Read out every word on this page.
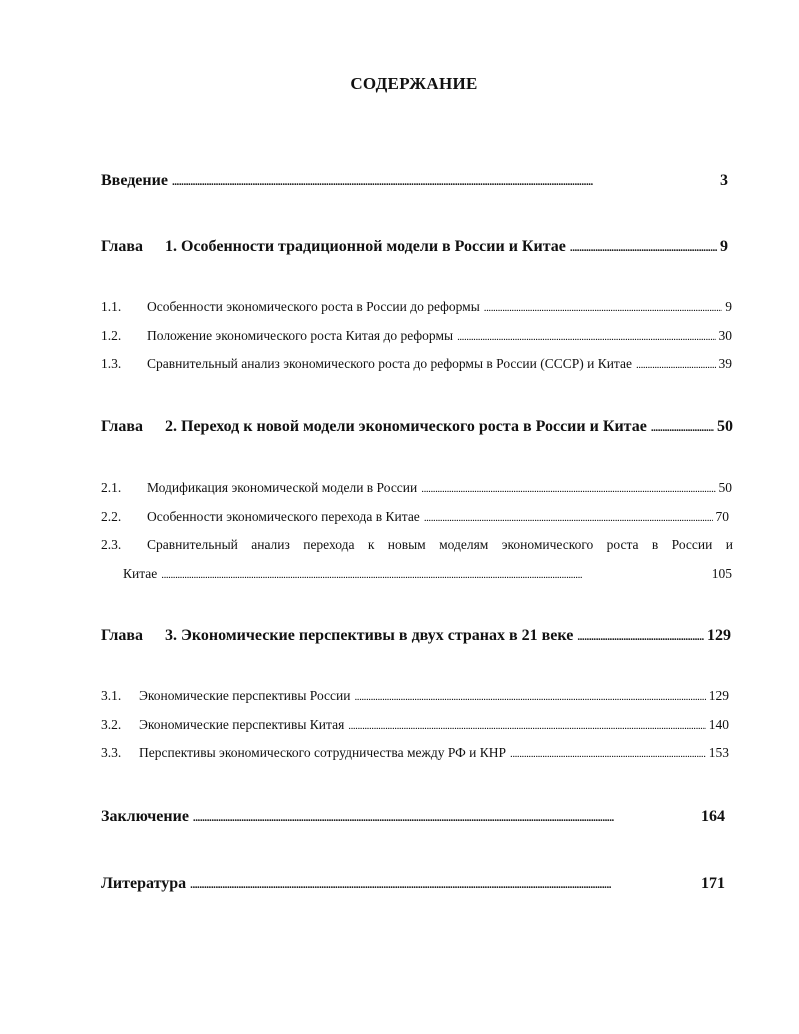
СОДЕРЖАНИЕ
Введение . . .	3
Глава 1. Особенности традиционной модели в России и Китае . . .	9
1.1.	Особенности экономического роста в России до реформы . . .	9
1.2.	Положение экономического роста Китая до реформы . . .	30
1.3.	Сравнительный анализ экономического роста до реформы в России (СССР) и Китае . . .	39
Глава 2. Переход к новой модели экономического роста в России и Китае . . .	50
2.1.	Модификация экономической модели в России . . .	50
2.2.	Особенности экономического перехода в Китае . . .	70
2.3.	Сравнительный анализ перехода к новым моделям экономического роста в России и
Китае . . .	105
Глава 3. Экономические перспективы в двух странах в 21 веке . . .	129
3.1.	Экономические перспективы России . . .	129
3.2.	Экономические перспективы Китая . . .	140
3.3.	Перспективы экономического сотрудничества между РФ и КНР . . .	153
Заключение . . .	164
Литература . . .	171
